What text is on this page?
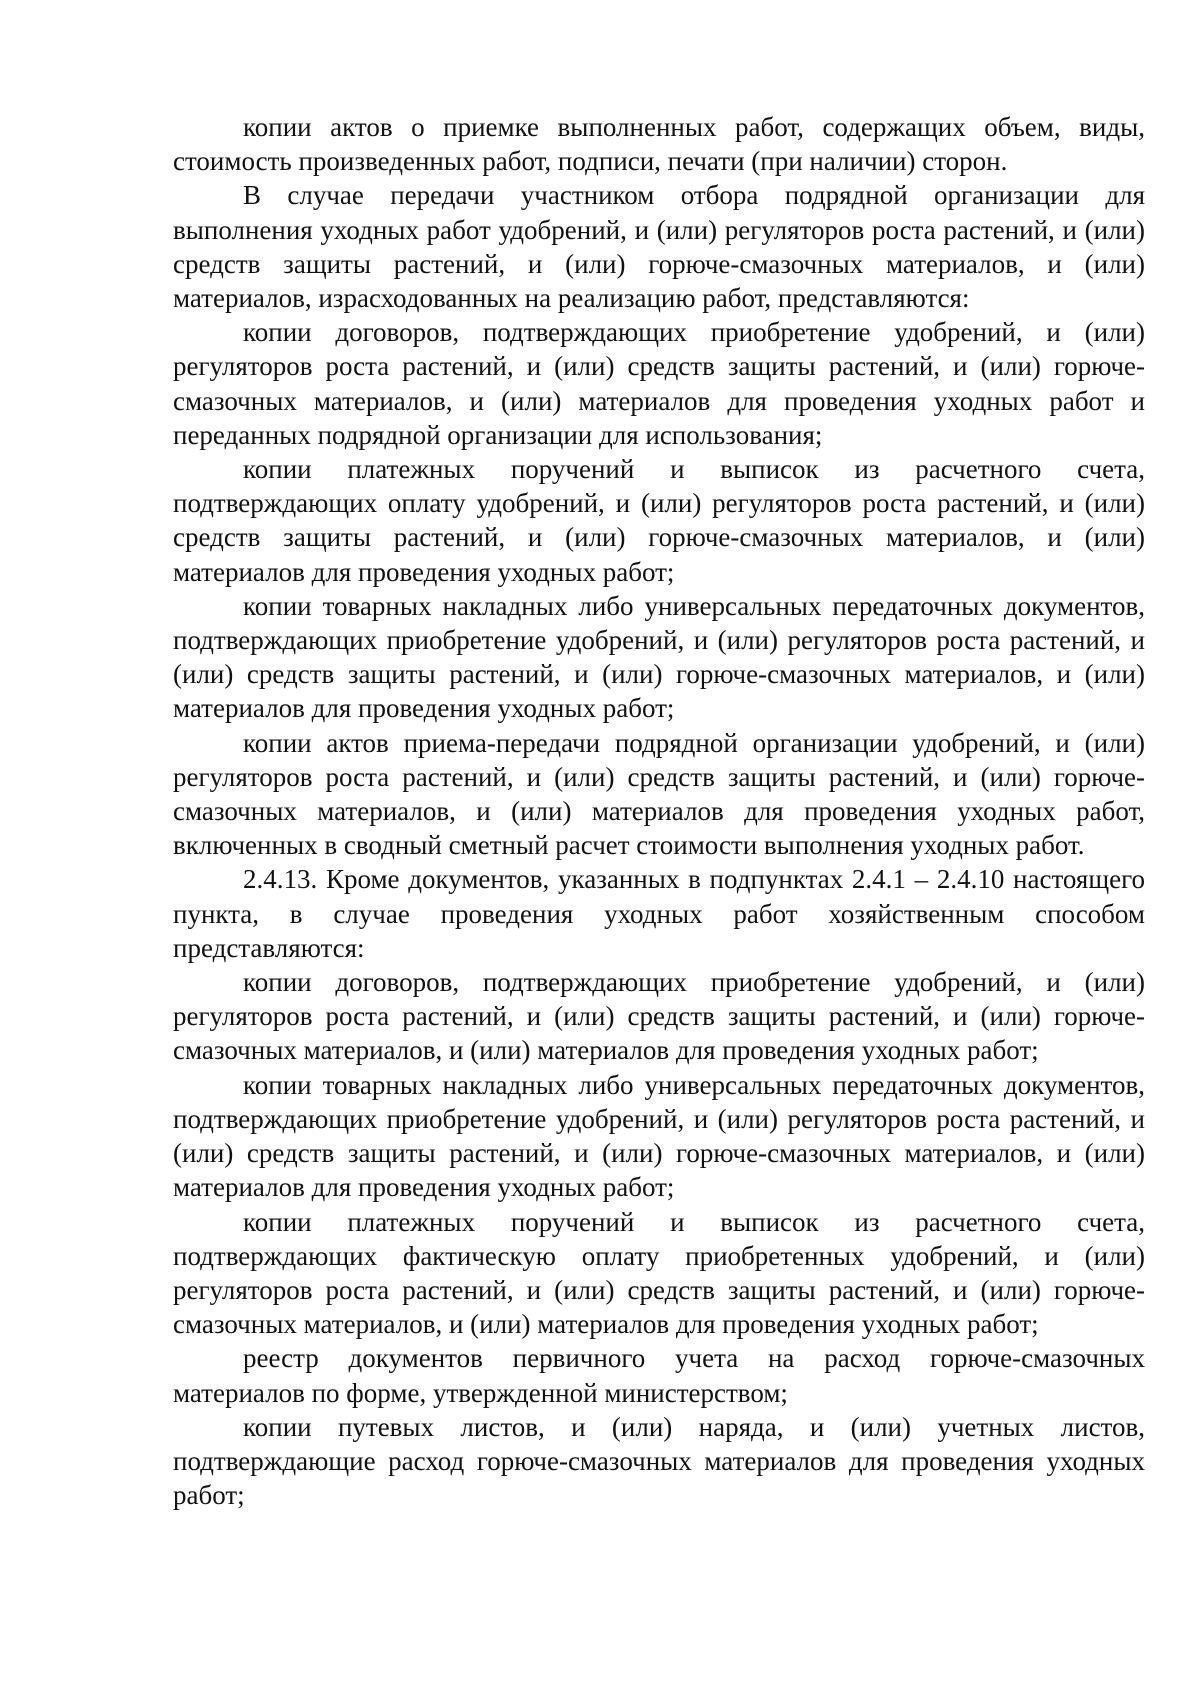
копии актов о приемке выполненных работ, содержащих объем, виды, стоимость произведенных работ, подписи, печати (при наличии) сторон.

В случае передачи участником отбора подрядной организации для выполнения уходных работ удобрений, и (или) регуляторов роста растений, и (или) средств защиты растений, и (или) горюче-смазочных материалов, и (или) материалов, израсходованных на реализацию работ, представляются:

копии договоров, подтверждающих приобретение удобрений, и (или) регуляторов роста растений, и (или) средств защиты растений, и (или) горюче-смазочных материалов, и (или) материалов для проведения уходных работ и переданных подрядной организации для использования;

копии платежных поручений и выписок из расчетного счета, подтверждающих оплату удобрений, и (или) регуляторов роста растений, и (или) средств защиты растений, и (или) горюче-смазочных материалов, и (или) материалов для проведения уходных работ;

копии товарных накладных либо универсальных передаточных документов, подтверждающих приобретение удобрений, и (или) регуляторов роста растений, и (или) средств защиты растений, и (или) горюче-смазочных материалов, и (или) материалов для проведения уходных работ;

копии актов приема-передачи подрядной организации удобрений, и (или) регуляторов роста растений, и (или) средств защиты растений, и (или) горюче-смазочных материалов, и (или) материалов для проведения уходных работ, включенных в сводный сметный расчет стоимости выполнения уходных работ.

2.4.13. Кроме документов, указанных в подпунктах 2.4.1 – 2.4.10 настоящего пункта, в случае проведения уходных работ хозяйственным способом представляются:

копии договоров, подтверждающих приобретение удобрений, и (или) регуляторов роста растений, и (или) средств защиты растений, и (или) горюче-смазочных материалов, и (или) материалов для проведения уходных работ;

копии товарных накладных либо универсальных передаточных документов, подтверждающих приобретение удобрений, и (или) регуляторов роста растений, и (или) средств защиты растений, и (или) горюче-смазочных материалов, и (или) материалов для проведения уходных работ;

копии платежных поручений и выписок из расчетного счета, подтверждающих фактическую оплату приобретенных удобрений, и (или) регуляторов роста растений, и (или) средств защиты растений, и (или) горюче-смазочных материалов, и (или) материалов для проведения уходных работ;

реестр документов первичного учета на расход горюче-смазочных материалов по форме, утвержденной министерством;

копии путевых листов, и (или) наряда, и (или) учетных листов, подтверждающие расход горюче-смазочных материалов для проведения уходных работ;
